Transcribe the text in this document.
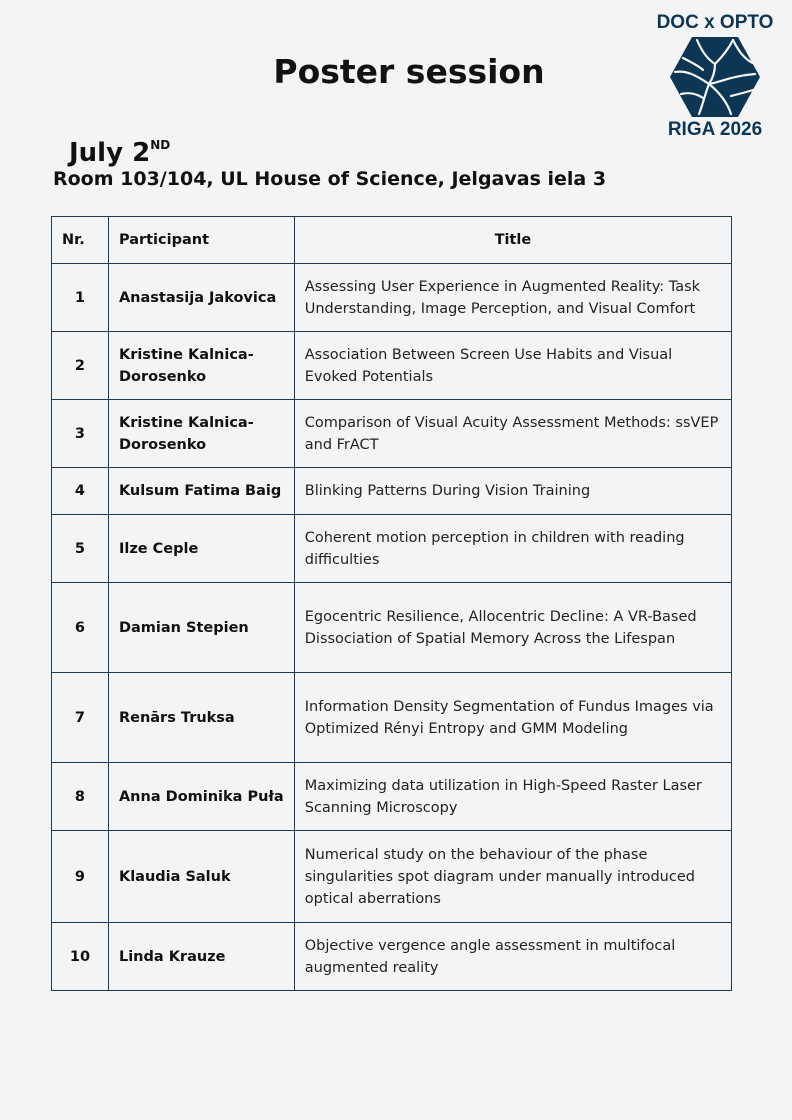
Poster session
DOC x OPTO
RIGA 2026
July 2ND
Room 103/104, UL House of Science, Jelgavas iela 3
Nr.	Participant	Title
1	Anastasija Jakovica	Assessing User Experience in Augmented Reality: Task Understanding, Image Perception, and Visual Comfort
2	Kristine Kalnica-Dorosenko	Association Between Screen Use Habits and Visual Evoked Potentials
3	Kristine Kalnica-Dorosenko	Comparison of Visual Acuity Assessment Methods: ssVEP and FrACT
4	Kulsum Fatima Baig	Blinking Patterns During Vision Training
5	Ilze Ceple	Coherent motion perception in children with reading difficulties
6	Damian Stepien	Egocentric Resilience, Allocentric Decline: A VR-Based Dissociation of Spatial Memory Across the Lifespan
7	Renārs Truksa	Information Density Segmentation of Fundus Images via Optimized Rényi Entropy and GMM Modeling
8	Anna Dominika Puła	Maximizing data utilization in High-Speed Raster Laser Scanning Microscopy
9	Klaudia Saluk	Numerical study on the behaviour of the phase singularities spot diagram under manually introduced optical aberrations
10	Linda Krauze	Objective vergence angle assessment in multifocal augmented reality
